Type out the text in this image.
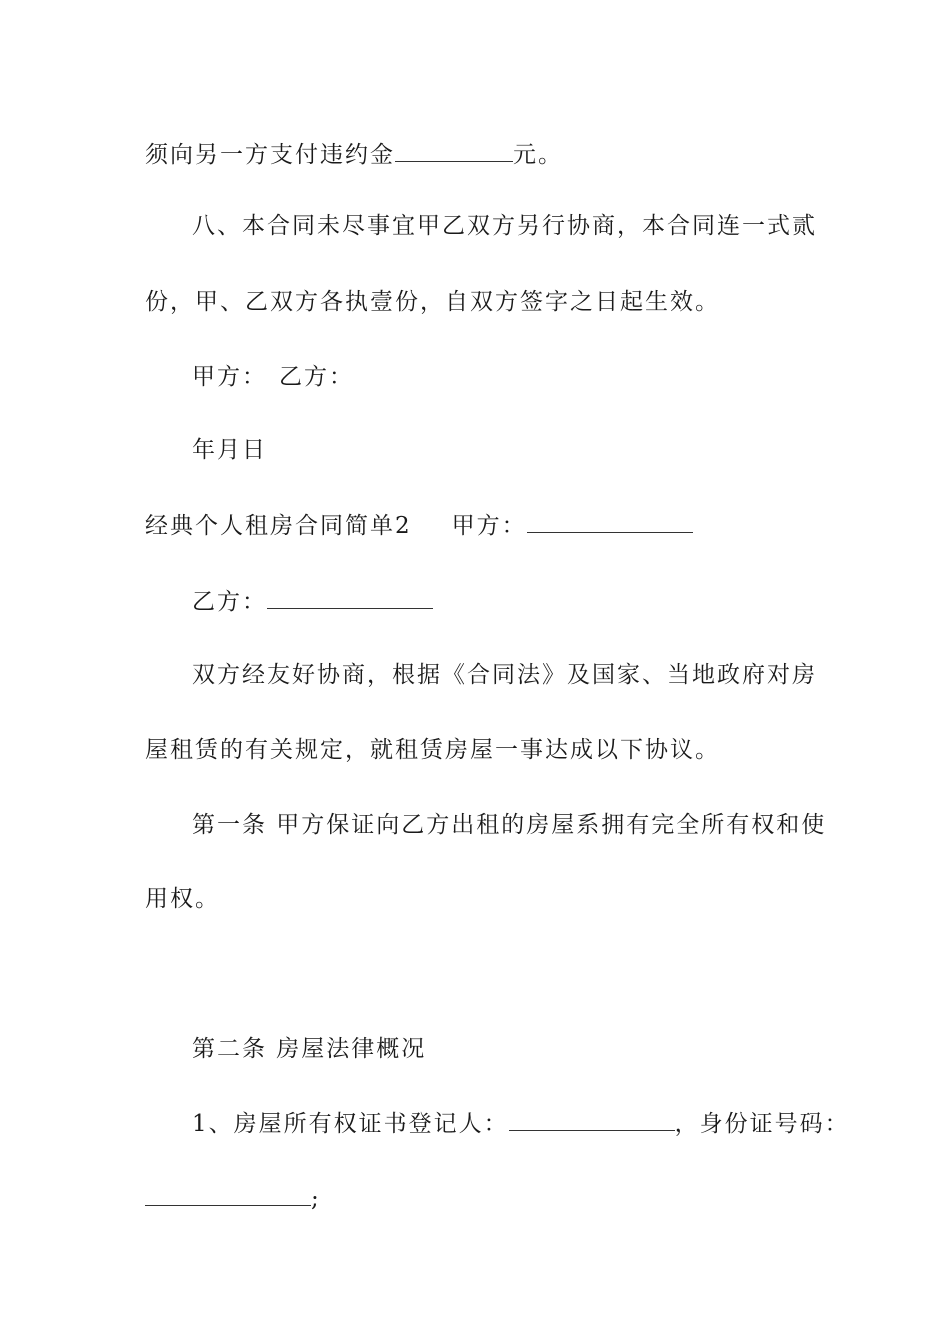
须向另一方支付违约金	元。
八、本合同未尽事宜甲乙双方另行协商，本合同连一式贰
份，甲、乙双方各执壹份，自双方签字之日起生效。
甲方： 乙方：
年月日
经典个人租房合同简单2 甲方：
乙方：
双方经友好协商，根据《合同法》及国家、当地政府对房
屋租赁的有关规定，就租赁房屋一事达成以下协议。
第一条 甲方保证向乙方出租的房屋系拥有完全所有权和使
用权。
第二条 房屋法律概况
1、房屋所有权证书登记人：	，身份证号码：
;
